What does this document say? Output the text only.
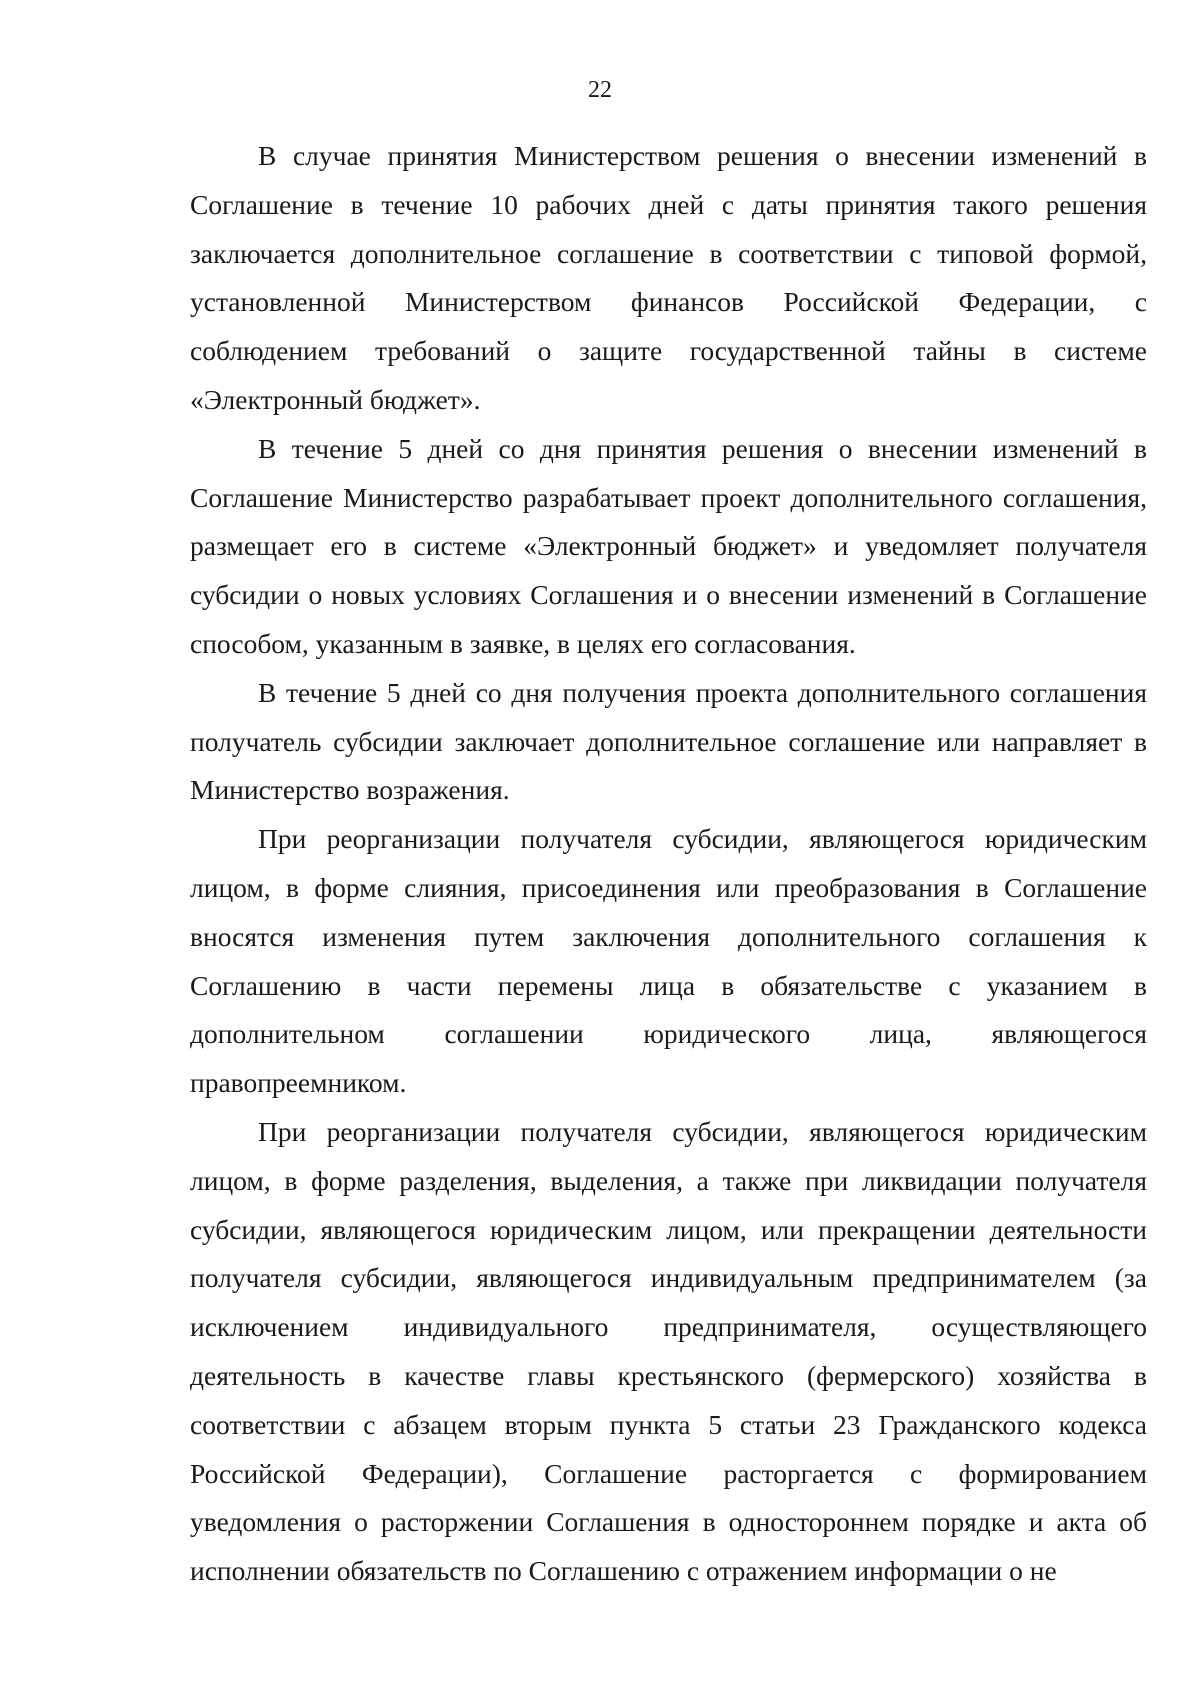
22

В случае принятия Министерством решения о внесении изменений в Соглашение в течение 10 рабочих дней с даты принятия такого решения заключается дополнительное соглашение в соответствии с типовой формой, установленной Министерством финансов Российской Федерации, с соблюдением требований о защите государственной тайны в системе «Электронный бюджет».

В течение 5 дней со дня принятия решения о внесении изменений в Соглашение Министерство разрабатывает проект дополнительного соглашения, размещает его в системе «Электронный бюджет» и уведомляет получателя субсидии о новых условиях Соглашения и о внесении изменений в Соглашение способом, указанным в заявке, в целях его согласования.

В течение 5 дней со дня получения проекта дополнительного соглашения получатель субсидии заключает дополнительное соглашение или направляет в Министерство возражения.

При реорганизации получателя субсидии, являющегося юридическим лицом, в форме слияния, присоединения или преобразования в Соглашение вносятся изменения путем заключения дополнительного соглашения к Соглашению в части перемены лица в обязательстве с указанием в дополнительном соглашении юридического лица, являющегося правопреемником.

При реорганизации получателя субсидии, являющегося юридическим лицом, в форме разделения, выделения, а также при ликвидации получателя субсидии, являющегося юридическим лицом, или прекращении деятельности получателя субсидии, являющегося индивидуальным предпринимателем (за исключением индивидуального предпринимателя, осуществляющего деятельность в качестве главы крестьянского (фермерского) хозяйства в соответствии с абзацем вторым пункта 5 статьи 23 Гражданского кодекса Российской Федерации), Соглашение расторгается с формированием уведомления о расторжении Соглашения в одностороннем порядке и акта об исполнении обязательств по Соглашению с отражением информации о не
